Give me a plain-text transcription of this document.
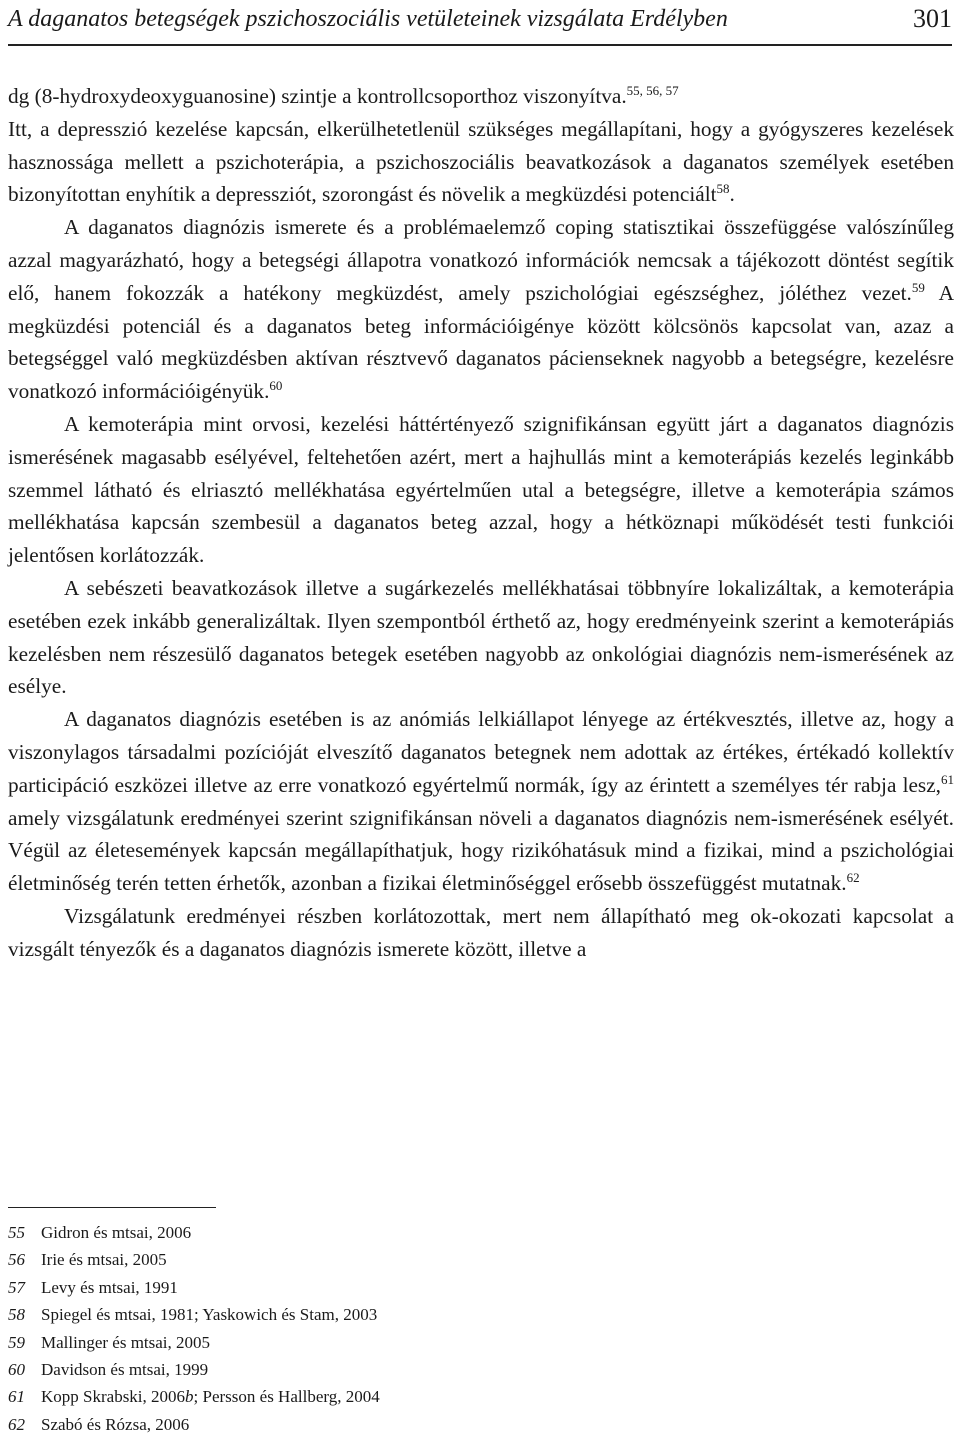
A daganatos betegségek pszichoszociális vetületeinek vizsgálata Erdélyben	301

dg (8-hydroxydeoxyguanosine) szintje a kontrollcsoporthoz viszonyítva.$^{55, 56, 57}$

Itt, a depresszió kezelése kapcsán, elkerülhetetlenül szükséges megállapítani, hogy a gyógyszeres kezelések hasznossága mellett a pszichoterápia, a pszichoszociális beavatkozások a daganatos személyek esetében bizonyítottan enyhítik a depressziót, szorongást és növelik a megküzdési potenciált$^{58}$.

A daganatos diagnózis ismerete és a problémaelemző coping statisztikai összefüggése valószínűleg azzal magyarázható, hogy a betegségi állapotra vonatkozó információk nemcsak a tájékozott döntést segítik elő, hanem fokozzák a hatékony megküzdést, amely pszichológiai egészséghez, jóléthez vezet.$^{59}$ A megküzdési potenciál és a daganatos beteg információigénye között kölcsönös kapcsolat van, azaz a betegséggel való megküzdésben aktívan résztvevő daganatos pácienseknek nagyobb a betegségre, kezelésre vonatkozó információigényük.$^{60}$

A kemoterápia mint orvosi, kezelési háttértényező szignifikánsan együtt járt a daganatos diagnózis ismerésének magasabb esélyével, feltehetően azért, mert a hajhullás mint a kemoterápiás kezelés leginkább szemmel látható és elriasztó mellékhatása egyértelműen utal a betegségre, illetve a kemoterápia számos mellékhatása kapcsán szembesül a daganatos beteg azzal, hogy a hétköznapi működését testi funkciói jelentősen korlátozzák.

A sebészeti beavatkozások illetve a sugárkezelés mellékhatásai többnyíre lokalizáltak, a kemoterápia esetében ezek inkább generalizáltak. Ilyen szempontból érthető az, hogy eredményeink szerint a kemoterápiás kezelésben nem részesülő daganatos betegek esetében nagyobb az onkológiai diagnózis nem-ismerésének az esélye.

A daganatos diagnózis esetében is az anómiás lelkiállapot lényege az értékvesztés, illetve az, hogy a viszonylagos társadalmi pozícióját elveszítő daganatos betegnek nem adottak az értékes, értékadó kollektív participáció eszközei illetve az erre vonatkozó egyértelmű normák, így az érintett a személyes tér rabja lesz,$^{61}$ amely vizsgálatunk eredményei szerint szignifikánsan növeli a daganatos diagnózis nem-ismerésének esélyét. Végül az életesemények kapcsán megállapíthatjuk, hogy rizikóhatásuk mind a fizikai, mind a pszichológiai életminőség terén tetten érhetők, azonban a fizikai életminőséggel erősebb összefüggést mutatnak.$^{62}$

Vizsgálatunk eredményei részben korlátozottak, mert nem állapítható meg ok-okozati kapcsolat a vizsgált tényezők és a daganatos diagnózis ismerete között, illetve a

55 Gidron és mtsai, 2006
56 Irie és mtsai, 2005
57 Levy és mtsai, 1991
58 Spiegel és mtsai, 1981; Yaskowich és Stam, 2003
59 Mallinger és mtsai, 2005
60 Davidson és mtsai, 1999
61 Kopp Skrabski, 2006b; Persson és Hallberg, 2004
62 Szabó és Rózsa, 2006
